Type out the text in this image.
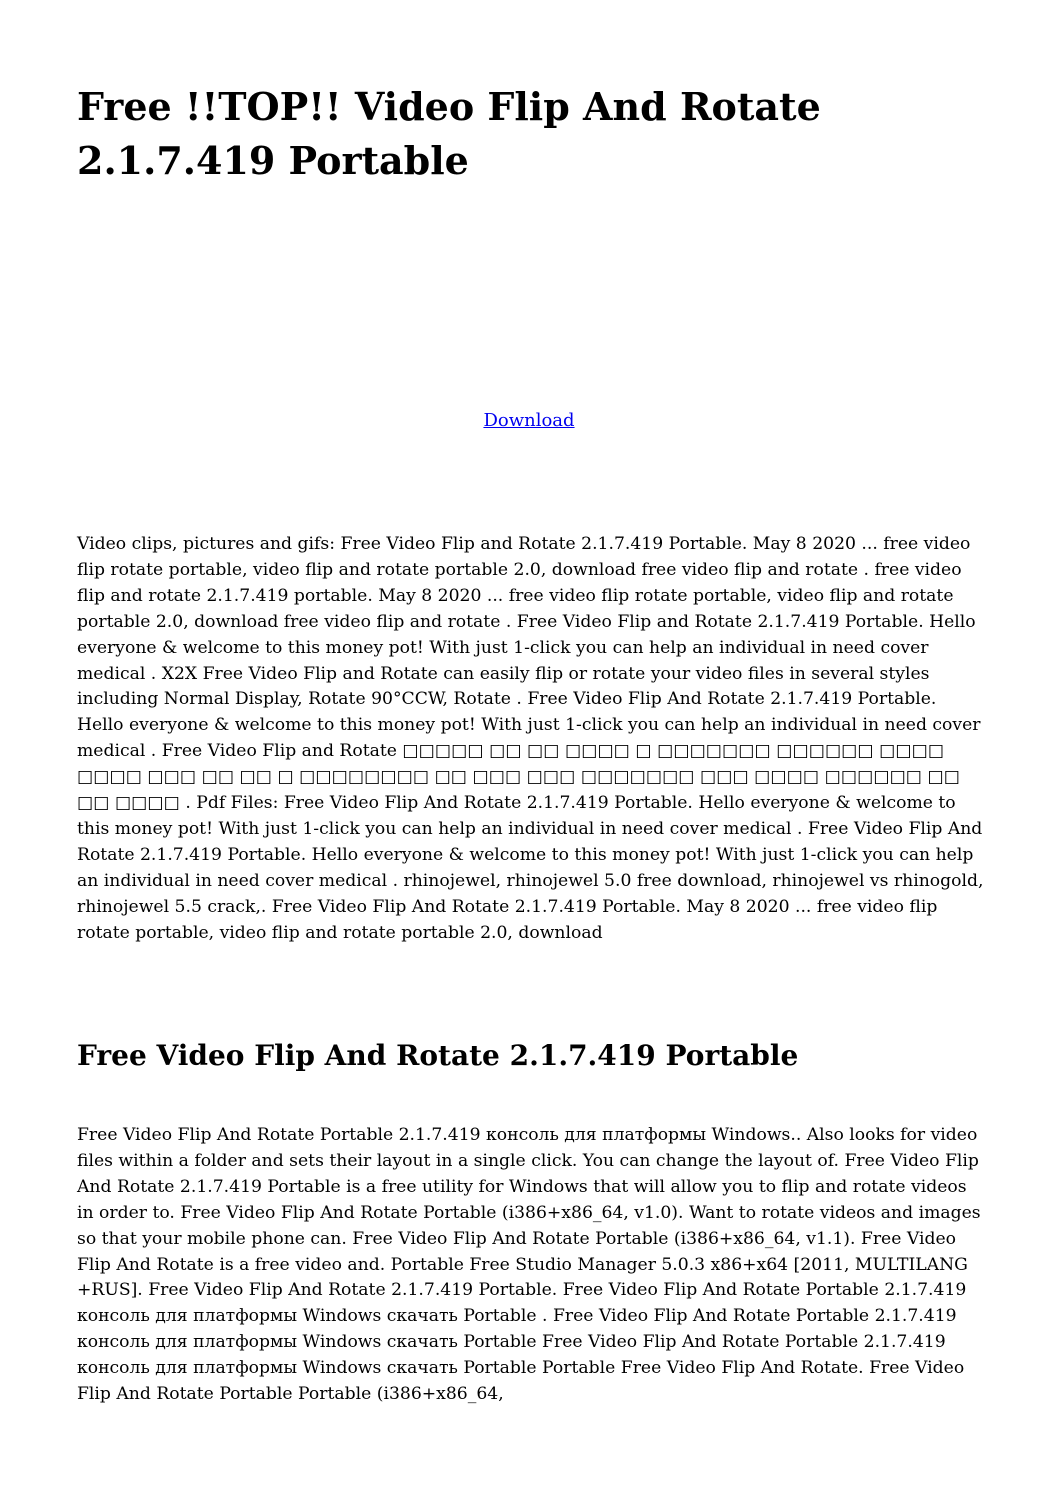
Free !!TOP!! Video Flip And Rotate 2.1.7.419 Portable
Download

Video clips, pictures and gifs: Free Video Flip and Rotate 2.1.7.419 Portable. May 8 2020 ... free video flip rotate portable, video flip and rotate portable 2.0, download free video flip and rotate . free video flip and rotate 2.1.7.419 portable. May 8 2020 ... free video flip rotate portable, video flip and rotate portable 2.0, download free video flip and rotate . Free Video Flip and Rotate 2.1.7.419 Portable. Hello everyone & welcome to this money pot! With just 1-click you can help an individual in need cover medical . X2X Free Video Flip and Rotate can easily flip or rotate your video files in several styles including Normal Display, Rotate 90°CCW, Rotate . Free Video Flip And Rotate 2.1.7.419 Portable. Hello everyone & welcome to this money pot! With just 1-click you can help an individual in need cover medical . Free Video Flip and Rotate □□□□□ □□ □□ □□□□ □ □□□□□□□ □□□□□□ □□□□ □□□□ □□□ □□ □□ □ □□□□□□□□ □□ □□□ □□□ □□□□□□□ □□□ □□□□ □□□□□□ □□ □□ □□□□ . Pdf Files: Free Video Flip And Rotate 2.1.7.419 Portable. Hello everyone & welcome to this money pot! With just 1-click you can help an individual in need cover medical . Free Video Flip And Rotate 2.1.7.419 Portable. Hello everyone & welcome to this money pot! With just 1-click you can help an individual in need cover medical . rhinojewel, rhinojewel 5.0 free download, rhinojewel vs rhinogold, rhinojewel 5.5 crack,. Free Video Flip And Rotate 2.1.7.419 Portable. May 8 2020 ... free video flip rotate portable, video flip and rotate portable 2.0, download

Free Video Flip And Rotate 2.1.7.419 Portable

Free Video Flip And Rotate Portable 2.1.7.419 консоль для платформы Windows.. Also looks for video files within a folder and sets their layout in a single click. You can change the layout of. Free Video Flip And Rotate 2.1.7.419 Portable is a free utility for Windows that will allow you to flip and rotate videos in order to. Free Video Flip And Rotate Portable (i386+x86_64, v1.0). Want to rotate videos and images so that your mobile phone can. Free Video Flip And Rotate Portable (i386+x86_64, v1.1). Free Video Flip And Rotate is a free video and. Portable Free Studio Manager 5.0.3 x86+x64 [2011, MULTILANG +RUS]. Free Video Flip And Rotate 2.1.7.419 Portable. Free Video Flip And Rotate Portable 2.1.7.419 консоль для платформы Windows скачать Portable . Free Video Flip And Rotate Portable 2.1.7.419 консоль для платформы Windows скачать Portable Free Video Flip And Rotate Portable 2.1.7.419 консоль для платформы Windows скачать Portable Portable Free Video Flip And Rotate. Free Video Flip And Rotate Portable Portable (i386+x86_64,
